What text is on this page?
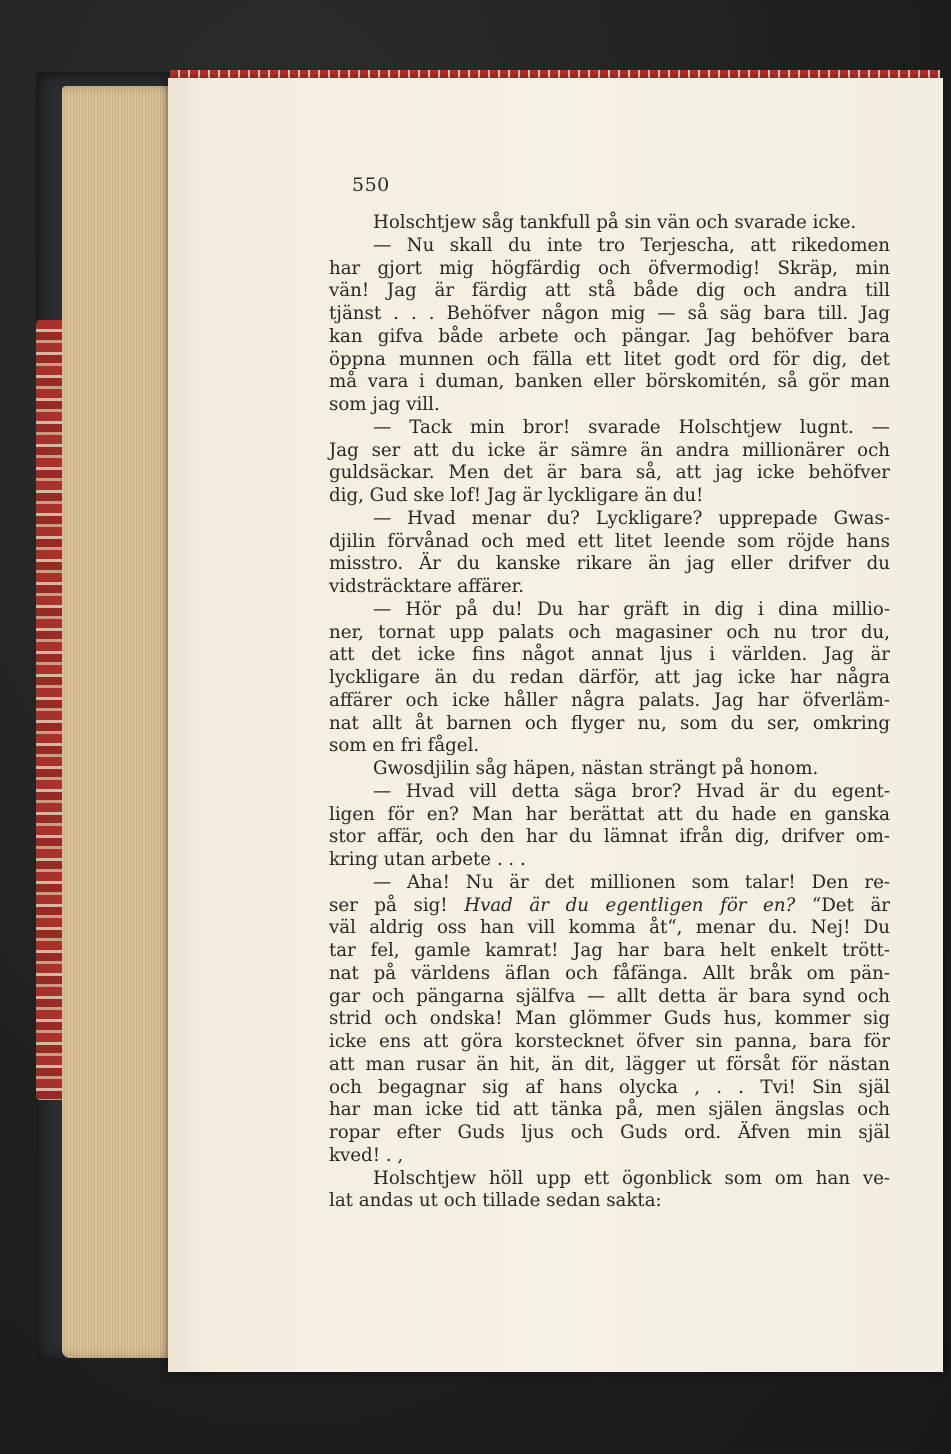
550
Holschtjew såg tankfull på sin vän och svarade icke.
— Nu skall du inte tro Terjescha, att rikedomen
har gjort mig högfärdig och öfvermodig! Skräp, min
vän! Jag är färdig att stå både dig och andra till
tjänst . . . Behöfver någon mig — så säg bara till. Jag
kan gifva både arbete och pängar. Jag behöfver bara
öppna munnen och fälla ett litet godt ord för dig, det
må vara i duman, banken eller börskomitén, så gör man
som jag vill.
— Tack min bror! svarade Holschtjew lugnt. —
Jag ser att du icke är sämre än andra millionärer och
guldsäckar. Men det är bara så, att jag icke behöfver
dig, Gud ske lof! Jag är lyckligare än du!
— Hvad menar du? Lyckligare? upprepade Gwas-
djilin förvånad och med ett litet leende som röjde hans
misstro. Är du kanske rikare än jag eller drifver du
vidsträcktare affärer.
— Hör på du! Du har gräft in dig i dina millio-
ner, tornat upp palats och magasiner och nu tror du,
att det icke fins något annat ljus i världen. Jag är
lyckligare än du redan därför, att jag icke har några
affärer och icke håller några palats. Jag har öfverläm-
nat allt åt barnen och flyger nu, som du ser, omkring
som en fri fågel.
Gwosdjilin såg häpen, nästan strängt på honom.
— Hvad vill detta säga bror? Hvad är du egent-
ligen för en? Man har berättat att du hade en ganska
stor affär, och den har du lämnat ifrån dig, drifver om-
kring utan arbete . . .
— Aha! Nu är det millionen som talar! Den re-
ser på sig! Hvad är du egentligen för en? “Det är
väl aldrig oss han vill komma åt“, menar du. Nej! Du
tar fel, gamle kamrat! Jag har bara helt enkelt trött-
nat på världens äflan och fåfänga. Allt bråk om pän-
gar och pängarna själfva — allt detta är bara synd och
strid och ondska! Man glömmer Guds hus, kommer sig
icke ens att göra korstecknet öfver sin panna, bara för
att man rusar än hit, än dit, lägger ut försåt för nästan
och begagnar sig af hans olycka , . . Tvi! Sin själ
har man icke tid att tänka på, men själen ängslas och
ropar efter Guds ljus och Guds ord. Äfven min själ
kved! . ,
Holschtjew höll upp ett ögonblick som om han ve-
lat andas ut och tillade sedan sakta:
